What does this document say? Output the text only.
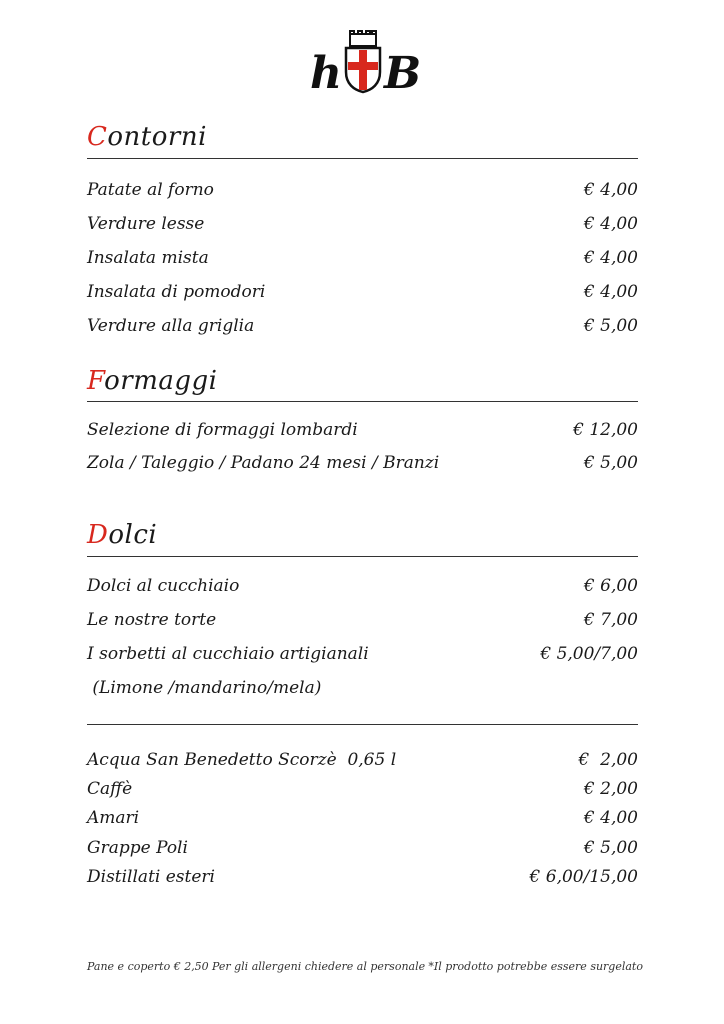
h B
Contorni
Patate al forno	€ 4,00
Verdure lesse	€ 4,00
Insalata mista	€ 4,00
Insalata di pomodori	€ 4,00
Verdure alla griglia	€ 5,00
Formaggi
Selezione di formaggi lombardi	€ 12,00
Zola / Taleggio / Padano 24 mesi / Branzi	€ 5,00
Dolci
Dolci al cucchiaio	€ 6,00
Le nostre torte	€ 7,00
I sorbetti al cucchiaio artigianali	€ 5,00/7,00
(Limone /mandarino/mela)
Acqua San Benedetto Scorzè  0,65 l	€  2,00
Caffè	€ 2,00
Amari	€ 4,00
Grappe Poli	€ 5,00
Distillati esteri	€ 6,00/15,00
Pane e coperto € 2,50 Per gli allergeni chiedere al personale *Il prodotto potrebbe essere surgelato
